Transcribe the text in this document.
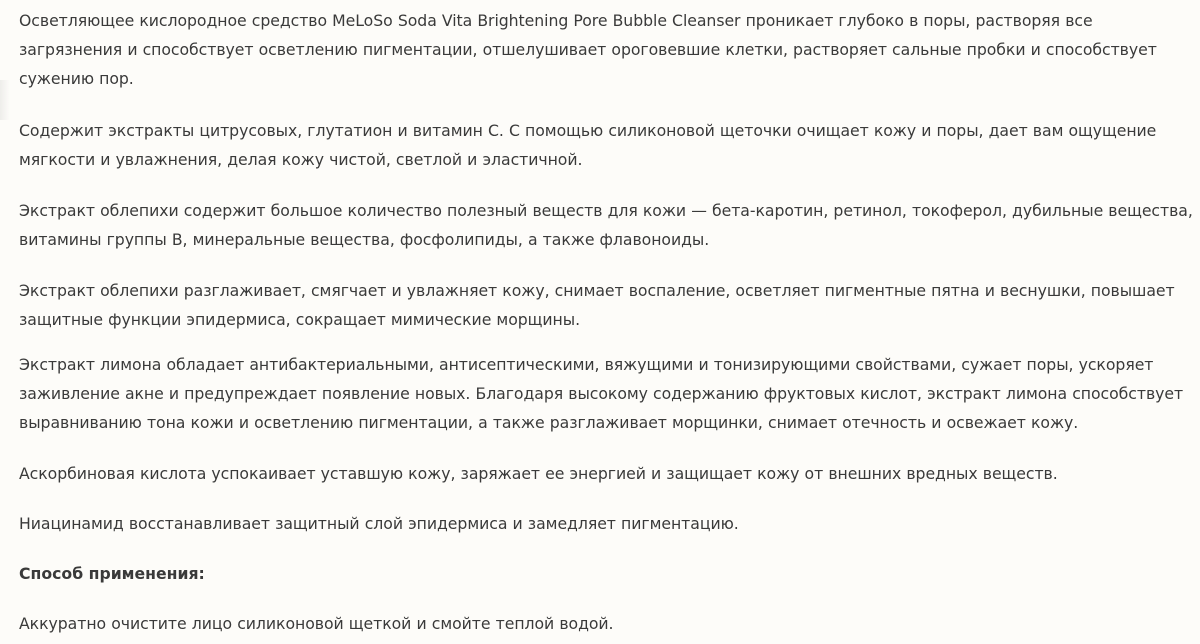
Осветляющее кислородное средство MeLoSo Soda Vita Brightening Pore Bubble Cleanser проникает глубоко в поры, растворяя все загрязнения и способствует осветлению пигментации, отшелушивает ороговевшие клетки, растворяет сальные пробки и способствует сужению пор.

Содержит экстракты цитрусовых, глутатион и витамин С. С помощью силиконовой щеточки очищает кожу и поры, дает вам ощущение мягкости и увлажнения, делая кожу чистой, светлой и эластичной.

Экстракт облепихи содержит большое количество полезный веществ для кожи — бета-каротин, ретинол, токоферол, дубильные вещества, витамины группы В, минеральные вещества, фосфолипиды, а также флавоноиды.

Экстракт облепихи разглаживает, смягчает и увлажняет кожу, снимает воспаление, осветляет пигментные пятна и веснушки, повышает защитные функции эпидермиса, сокращает мимические морщины.

Экстракт лимона обладает антибактериальными, антисептическими, вяжущими и тонизирующими свойствами, сужает поры, ускоряет заживление акне и предупреждает появление новых. Благодаря высокому содержанию фруктовых кислот, экстракт лимона способствует выравниванию тона кожи и осветлению пигментации, а также разглаживает морщинки, снимает отечность и освежает кожу.

Аскорбиновая кислота успокаивает уставшую кожу, заряжает ее энергией и защищает кожу от внешних вредных веществ.

Ниацинамид восстанавливает защитный слой эпидермиса и замедляет пигментацию.

Способ применения:

Аккуратно очистите лицо силиконовой щеткой и смойте теплой водой.
